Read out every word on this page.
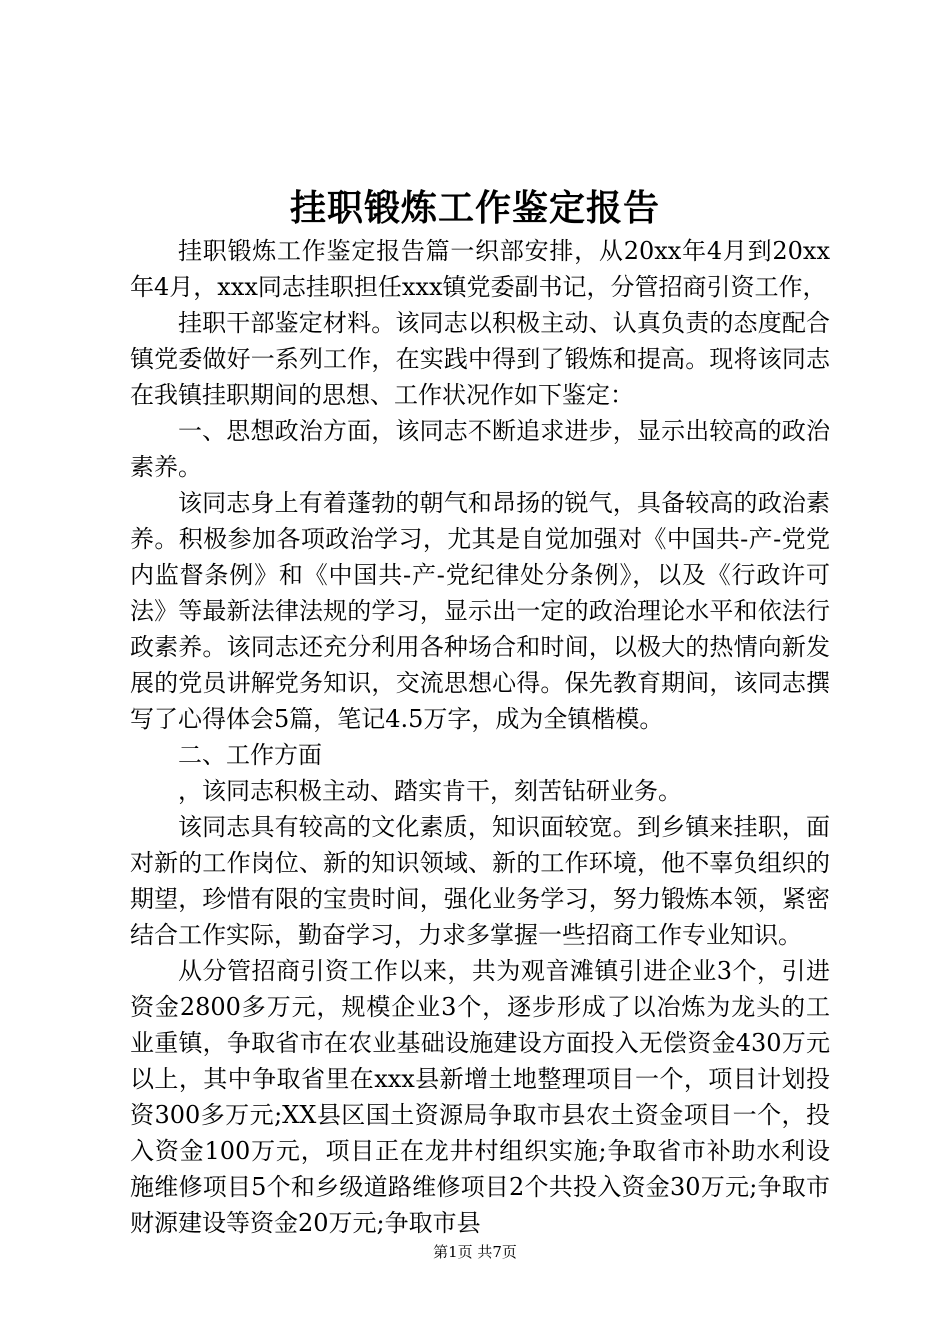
挂职锻炼工作鉴定报告

挂职锻炼工作鉴定报告篇一织部安排，从20xx年4月到20xx年4月，xxx同志挂职担任xxx镇党委副书记，分管招商引资工作，

挂职干部鉴定材料。该同志以积极主动、认真负责的态度配合镇党委做好一系列工作，在实践中得到了锻炼和提高。现将该同志在我镇挂职期间的思想、工作状况作如下鉴定：

一、思想政治方面，该同志不断追求进步，显示出较高的政治素养。

该同志身上有着蓬勃的朝气和昂扬的锐气，具备较高的政治素养。积极参加各项政治学习，尤其是自觉加强对《中国共-产-党党内监督条例》和《中国共-产-党纪律处分条例》，以及《行政许可法》等最新法律法规的学习，显示出一定的政治理论水平和依法行政素养。该同志还充分利用各种场合和时间，以极大的热情向新发展的党员讲解党务知识，交流思想心得。保先教育期间，该同志撰写了心得体会5篇，笔记4.5万字，成为全镇楷模。

二、工作方面

，该同志积极主动、踏实肯干，刻苦钻研业务。

该同志具有较高的文化素质，知识面较宽。到乡镇来挂职，面对新的工作岗位、新的知识领域、新的工作环境，他不辜负组织的期望，珍惜有限的宝贵时间，强化业务学习，努力锻炼本领，紧密结合工作实际，勤奋学习，力求多掌握一些招商工作专业知识。

从分管招商引资工作以来，共为观音滩镇引进企业3个，引进资金2800多万元，规模企业3个，逐步形成了以冶炼为龙头的工业重镇，争取省市在农业基础设施建设方面投入无偿资金430万元以上，其中争取省里在xxx县新增土地整理项目一个，项目计划投资300多万元;XX县区国土资源局争取市县农土资金项目一个，投入资金100万元，项目正在龙井村组织实施;争取省市补助水利设施维修项目5个和乡级道路维修项目2个共投入资金30万元;争取市财源建设等资金20万元;争取市县

第1页 共7页
